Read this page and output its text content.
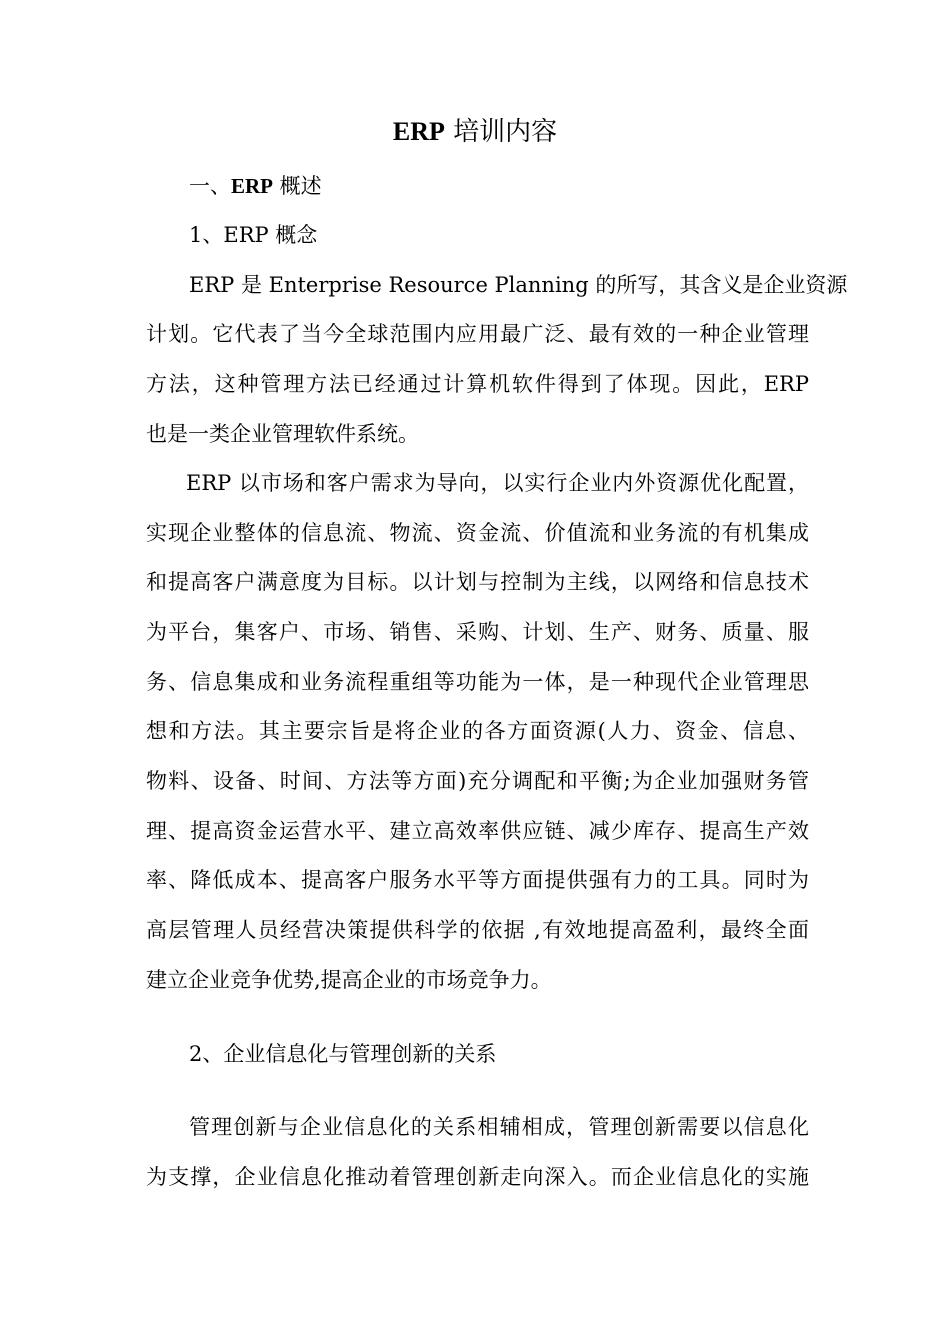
ERP 培训内容
一、ERP 概述
1、ERP 概念
ERP 是 Enterprise Resource Planning 的所写，其含义是企业资源
计划。它代表了当今全球范围内应用最广泛、最有效的一种企业管理
方法，这种管理方法已经通过计算机软件得到了体现。因此，ERP
也是一类企业管理软件系统。
ERP 以市场和客户需求为导向，以实行企业内外资源优化配置，
实现企业整体的信息流、物流、资金流、价值流和业务流的有机集成
和提高客户满意度为目标。以计划与控制为主线，以网络和信息技术
为平台，集客户、市场、销售、采购、计划、生产、财务、质量、服
务、信息集成和业务流程重组等功能为一体，是一种现代企业管理思
想和方法。其主要宗旨是将企业的各方面资源(人力、资金、信息、
物料、设备、时间、方法等方面)充分调配和平衡;为企业加强财务管
理、提高资金运营水平、建立高效率供应链、减少库存、提高生产效
率、降低成本、提高客户服务水平等方面提供强有力的工具。同时为
高层管理人员经营决策提供科学的依据 ,有效地提高盈利，最终全面
建立企业竞争优势,提高企业的市场竞争力。
2、企业信息化与管理创新的关系
管理创新与企业信息化的关系相辅相成，管理创新需要以信息化
为支撑，企业信息化推动着管理创新走向深入。而企业信息化的实施
